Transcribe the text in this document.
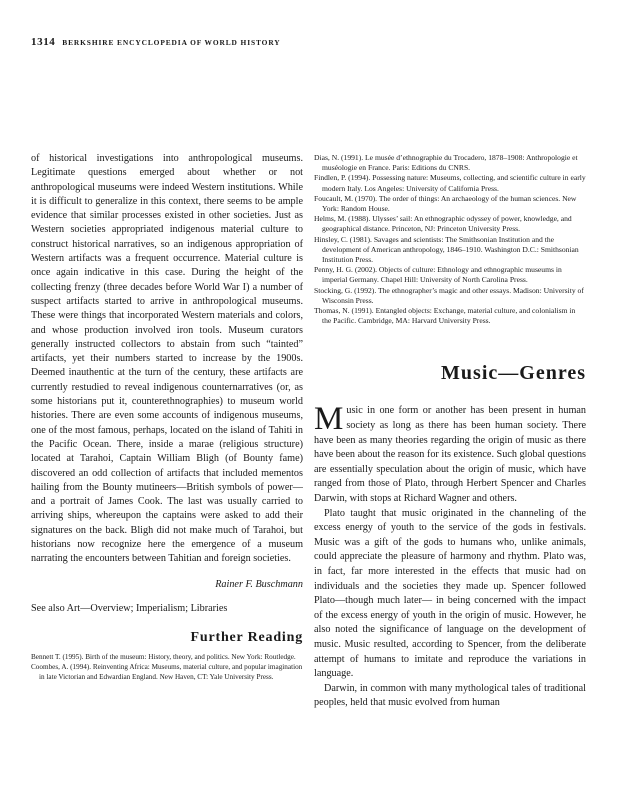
1314 BERKSHIRE ENCYCLOPEDIA OF WORLD HISTORY

of historical investigations into anthropological museums. Legitimate questions emerged about whether or not anthropological museums were indeed Western institutions. While it is difficult to generalize in this context, there seems to be ample evidence that similar processes existed in other societies. Just as Western societies appropriated indigenous material culture to construct historical narratives, so an indigenous appropriation of Western artifacts was a frequent occurrence. Material culture is once again indicative in this case. During the height of the collecting frenzy (three decades before World War I) a number of suspect artifacts started to arrive in anthropological museums. These were things that incorporated Western materials and colors, and whose production involved iron tools. Museum curators generally instructed collectors to abstain from such “tainted” artifacts, yet their numbers started to increase by the 1900s. Deemed inauthentic at the turn of the century, these artifacts are currently restudied to reveal indigenous counternarratives (or, as some historians put it, counterethnographies) to museum world histories. There are even some accounts of indigenous museums, one of the most famous, perhaps, located on the island of Tahiti in the Pacific Ocean. There, inside a marae (religious structure) located at Tarahoi, Captain William Bligh (of Bounty fame) discovered an odd collection of artifacts that included mementos hailing from the Bounty mutineers—British symbols of power—and a portrait of James Cook. The last was usually carried to arriving ships, whereupon the captains were asked to add their signatures on the back. Bligh did not make much of Tarahoi, but historians now recognize here the emergence of a museum narrating the encounters between Tahitian and foreign societies.

Rainer F. Buschmann

See also Art—Overview; Imperialism; Libraries

Further Reading

Bennett T. (1995). Birth of the museum: History, theory, and politics. New York: Routledge.

Coombes, A. (1994). Reinventing Africa: Museums, material culture, and popular imagination in late Victorian and Edwardian England. New Haven, CT: Yale University Press.

Dias, N. (1991). Le musée d’ethnographie du Trocadero, 1878–1908: Anthropologie et muséologie en France. Paris: Editions du CNRS.

Findlen, P. (1994). Possessing nature: Museums, collecting, and scientific culture in early modern Italy. Los Angeles: University of California Press.

Foucault, M. (1970). The order of things: An archaeology of the human sciences. New York: Random House.

Helms, M. (1988). Ulysses’ sail: An ethnographic odyssey of power, knowledge, and geographical distance. Princeton, NJ: Princeton University Press.

Hinsley, C. (1981). Savages and scientists: The Smithsonian Institution and the development of American anthropology, 1846–1910. Washington D.C.: Smithsonian Institution Press.

Penny, H. G. (2002). Objects of culture: Ethnology and ethnographic museums in imperial Germany. Chapel Hill: University of North Carolina Press.

Stocking, G. (1992). The ethnographer’s magic and other essays. Madison: University of Wisconsin Press.

Thomas, N. (1991). Entangled objects: Exchange, material culture, and colonialism in the Pacific. Cambridge, MA: Harvard University Press.

Music—Genres

Music in one form or another has been present in human society as long as there has been human society. There have been as many theories regarding the origin of music as there have been about the reason for its existence. Such global questions are essentially speculation about the origin of music, which have ranged from those of Plato, through Herbert Spencer and Charles Darwin, with stops at Richard Wagner and others.

Plato taught that music originated in the channeling of the excess energy of youth to the service of the gods in festivals. Music was a gift of the gods to humans who, unlike animals, could appreciate the pleasure of harmony and rhythm. Plato was, in fact, far more interested in the effects that music had on individuals and the societies they made up. Spencer followed Plato—though much later— in being concerned with the impact of the excess energy of youth in the origin of music. However, he also noted the significance of language on the development of music. Music resulted, according to Spencer, from the deliberate attempt of humans to imitate and reproduce the variations in language.

Darwin, in common with many mythological tales of traditional peoples, held that music evolved from human
